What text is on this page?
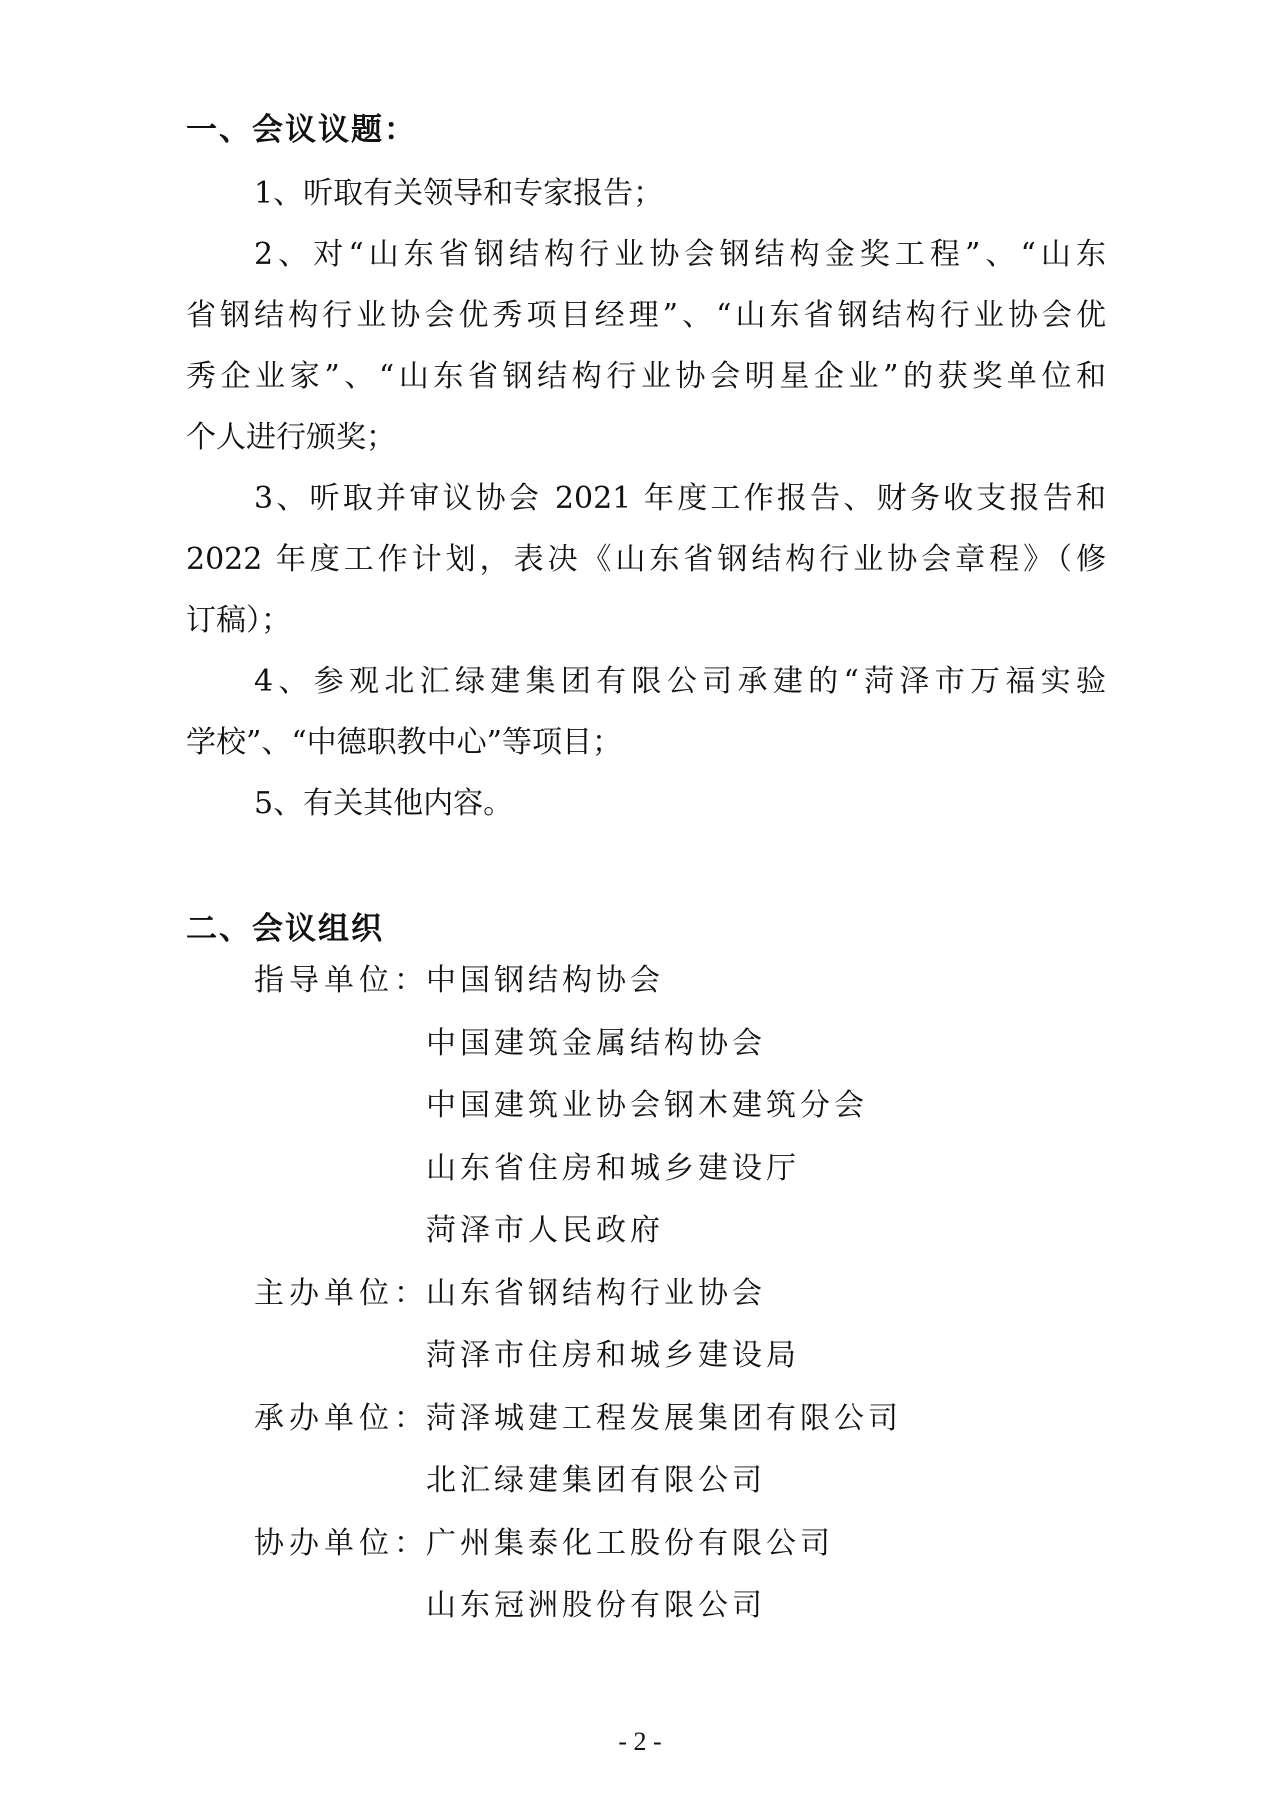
一、会议议题：
1、听取有关领导和专家报告；
2、对“山东省钢结构行业协会钢结构金奖工程”、“山东
省钢结构行业协会优秀项目经理”、“山东省钢结构行业协会优
秀企业家”、“山东省钢结构行业协会明星企业”的获奖单位和
个人进行颁奖；
3、听取并审议协会 2021 年度工作报告、财务收支报告和
2022 年度工作计划，表决《山东省钢结构行业协会章程》（修
订稿）；
4、参观北汇绿建集团有限公司承建的“菏泽市万福实验
学校”、“中德职教中心”等项目；
5、有关其他内容。
二、会议组织
指导单位：
中国钢结构协会
中国建筑金属结构协会
中国建筑业协会钢木建筑分会
山东省住房和城乡建设厅
菏泽市人民政府
主办单位：
山东省钢结构行业协会
菏泽市住房和城乡建设局
承办单位：
菏泽城建工程发展集团有限公司
北汇绿建集团有限公司
协办单位：
广州集泰化工股份有限公司
山东冠洲股份有限公司
- 2 -
